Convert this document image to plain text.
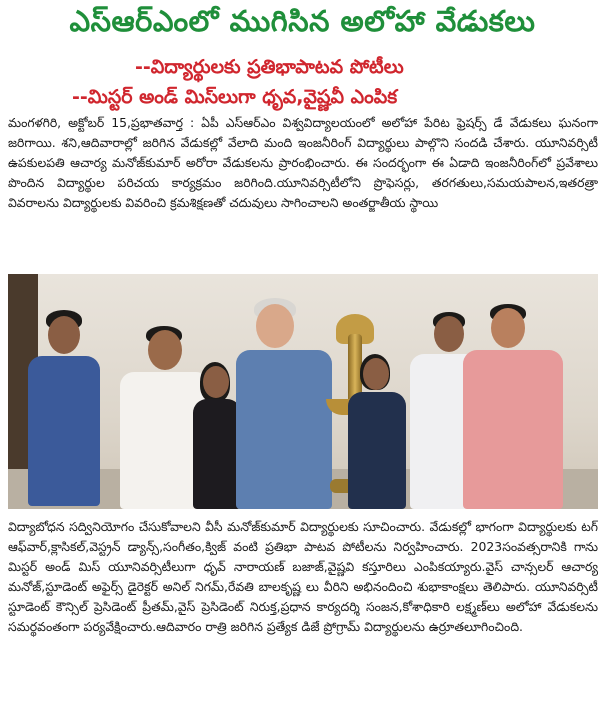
ఎస్ఆర్ఎంలో ముగిసిన అలోహా వేడుకలు
--విద్యార్థులకు ప్రతిభాపాటవ పోటీలు
--మిస్టర్ అండ్ మిస్‌లుగా ధృవ,వైష్ణవీ ఎంపిక

మంగళగిరి, అక్టోబర్ 15,ప్రభాతవార్త : ఏపీ ఎస్ఆర్ఎం విశ్వవిద్యాలయంలో అలోహా పేరిట ఫ్రెషర్స్ డే వేడుకలు ఘనంగా జరిగాయి. శని,ఆదివారాల్లో జరిగిన వేడుకల్లో వేలాది మంది ఇంజనీరింగ్ విద్యార్థులు పాల్గొని సందడి చేశారు. యూనివర్సిటీ ఉపకులపతి ఆచార్య మనోజ్‌కుమార్ అరోరా వేడుకలను ప్రారంభించారు. ఈ సందర్భంగా ఈ ఏడాది ఇంజనీరింగ్‌లో ప్రవేశాలు పొందిన విద్యార్థుల పరిచయ కార్యక్రమం జరిగింది.యూనివర్సిటీలోని ప్రొఫెసర్లు, తరగతులు,సమయపాలన,ఇతరత్రా వివరాలను విద్యార్థులకు వివరించి క్రమశిక్షణతో చదువులు సాగించాలని అంతర్జాతీయ స్థాయి

విద్యాబోధన సద్వినియోగం చేసుకోవాలని వీసీ మనోజ్‌కుమార్ విద్యార్థులకు సూచించారు. వేడుకల్లో భాగంగా విద్యార్థులకు టగ్ ఆఫ్‌వార్,క్లాసికల్,వెస్ట్రన్ డ్యాన్స్,సంగీతం,క్విజ్ వంటి ప్రతిభా పాటవ పోటీలను నిర్వహించారు. 2023సంవత్సరానికి గాను మిస్టర్ అండ్ మిస్ యూనివర్సిటీలుగా ధృవ్ నారాయణ్ బజాజ్,వైష్ణవి కస్తూరిలు ఎంపికయ్యారు.వైస్ చాన్సలర్ ఆచార్య మనోజ్,స్టూడెంట్ అఫైర్స్ డైరెక్టర్ అనిల్ నిగమ్,రేవతి బాలకృష్ణ లు వీరిని అభినందించి శుభాకాంక్షలు తెలిపారు. యూనివర్సిటీ స్టూడెంట్ కౌన్సిల్ ప్రెసిడెంట్ ప్రీతమ్,వైస్ ప్రెసిడెంట్ నిరుక్త,ప్రధాన కార్యదర్శి సంజన,కోశాధికారి లక్ష్మణ్‌లు అలోహా వేడుకలను సమర్థవంతంగా పర్యవేక్షించారు.ఆదివారం రాత్రి జరిగిన ప్రత్యేక డిజే ప్రోగ్రామ్ విద్యార్థులను ఉర్రూతలూగించింది.
